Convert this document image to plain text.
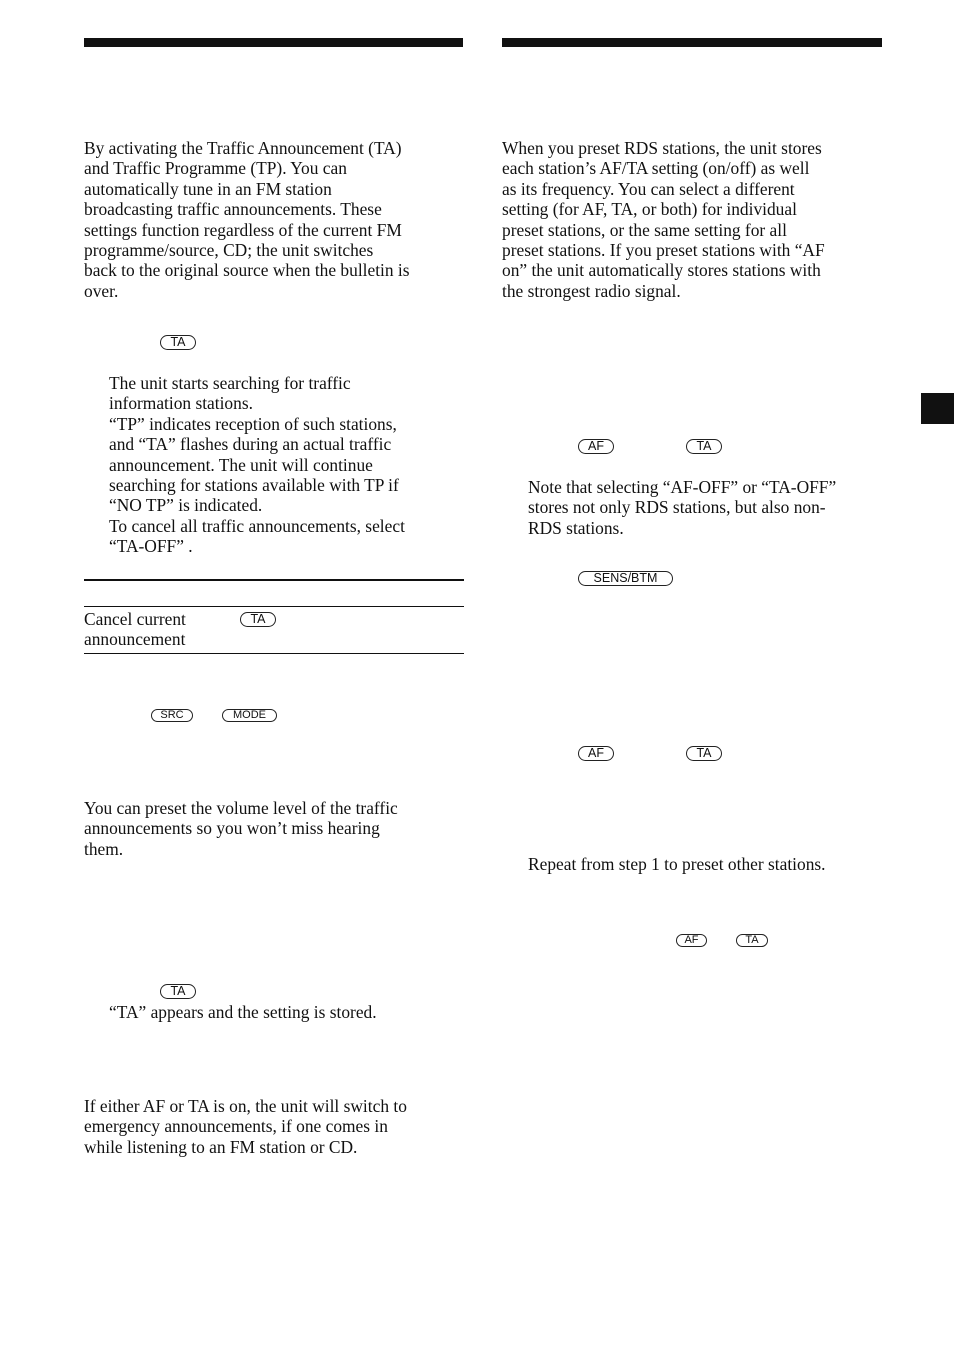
By activating the Traffic Announcement (TA)
and Traffic Programme (TP). You can
automatically tune in an FM station
broadcasting traffic announcements. These
settings function regardless of the current FM
programme/source, CD; the unit switches
back to the original source when the bulletin is
over.
TA
The unit starts searching for traffic
information stations.
“TP” indicates reception of such stations,
and “TA” flashes during an actual traffic
announcement. The unit will continue
searching for stations available with TP if
“NO TP” is indicated.
To cancel all traffic announcements, select
“TA-OFF” .
Cancel current
announcement
TA
SRC	MODE
You can preset the volume level of the traffic
announcements so you won’t miss hearing
them.
TA
“TA” appears and the setting is stored.
If either AF or TA is on, the unit will switch to
emergency announcements, if one comes in
while listening to an FM station or CD.
When you preset RDS stations, the unit stores
each station’s AF/TA setting (on/off) as well
as its frequency. You can select a different
setting (for AF, TA, or both) for individual
preset stations, or the same setting for all
preset stations. If you preset stations with “AF
on” the unit automatically stores stations with
the strongest radio signal.
AF	TA
Note that selecting “AF-OFF” or “TA-OFF”
stores not only RDS stations, but also non-
RDS stations.
SENS/BTM
AF	TA
Repeat from step 1 to preset other stations.
AF	TA
